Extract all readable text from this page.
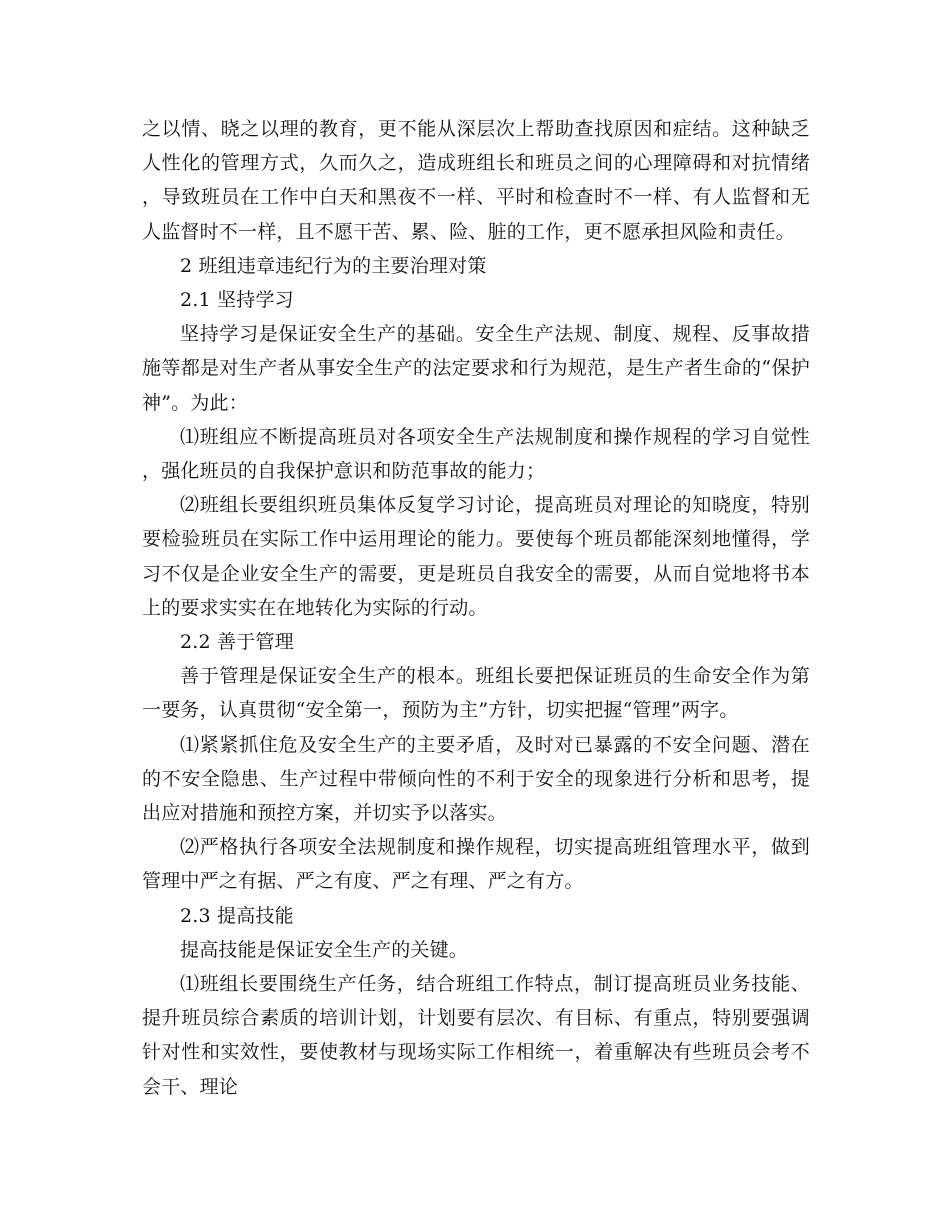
之以情、晓之以理的教育，更不能从深层次上帮助查找原因和症结。这种缺乏人性化的管理方式，久而久之，造成班组长和班员之间的心理障碍和对抗情绪，导致班员在工作中白天和黑夜不一样、平时和检查时不一样、有人监督和无人监督时不一样，且不愿干苦、累、险、脏的工作，更不愿承担风险和责任。

2 班组违章违纪行为的主要治理对策

2.1 坚持学习

坚持学习是保证安全生产的基础。安全生产法规、制度、规程、反事故措施等都是对生产者从事安全生产的法定要求和行为规范，是生产者生命的“保护神”。为此：

⑴班组应不断提高班员对各项安全生产法规制度和操作规程的学习自觉性，强化班员的自我保护意识和防范事故的能力；

⑵班组长要组织班员集体反复学习讨论，提高班员对理论的知晓度，特别要检验班员在实际工作中运用理论的能力。要使每个班员都能深刻地懂得，学习不仅是企业安全生产的需要，更是班员自我安全的需要，从而自觉地将书本上的要求实实在在地转化为实际的行动。

2.2 善于管理

善于管理是保证安全生产的根本。班组长要把保证班员的生命安全作为第一要务，认真贯彻“安全第一，预防为主”方针，切实把握“管理”两字。

⑴紧紧抓住危及安全生产的主要矛盾，及时对已暴露的不安全问题、潜在的不安全隐患、生产过程中带倾向性的不利于安全的现象进行分析和思考，提出应对措施和预控方案，并切实予以落实。

⑵严格执行各项安全法规制度和操作规程，切实提高班组管理水平，做到管理中严之有据、严之有度、严之有理、严之有方。

2.3 提高技能

提高技能是保证安全生产的关键。

⑴班组长要围绕生产任务，结合班组工作特点，制订提高班员业务技能、提升班员综合素质的培训计划，计划要有层次、有目标、有重点，特别要强调针对性和实效性，要使教材与现场实际工作相统一，着重解决有些班员会考不会干、理论
